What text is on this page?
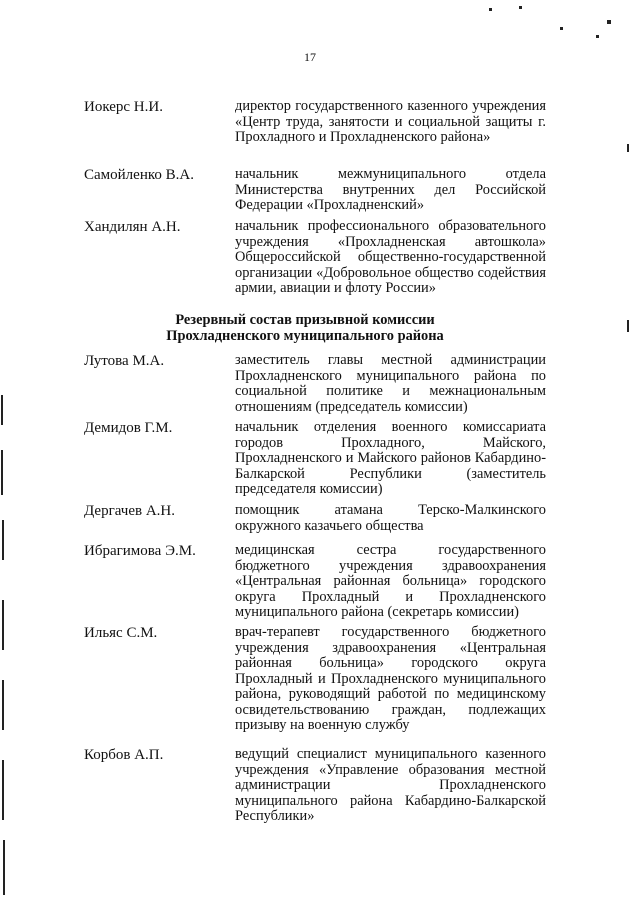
17
Иокерс Н.И.	директор государственного казенного учреждения «Центр труда, занятости и социальной защиты г. Прохладного и Прохладненского района»
Самойленко В.А.	начальник межмуниципального отдела Министерства внутренних дел Российской Федерации «Прохладненский»
Хандилян А.Н.	начальник профессионального образовательного учреждения «Прохладненская автошкола» Общероссийской общественно-государственной организации «Добровольное общество содействия армии, авиации и флоту России»
Резервный состав призывной комиссии
Прохладненского муниципального района
Лутова М.А.	заместитель главы местной администрации Прохладненского муниципального района по социальной политике и межнациональным отношениям (председатель комиссии)
Демидов Г.М.	начальник отделения военного комиссариата городов Прохладного, Майского, Прохладненского и Майского районов Кабардино-Балкарской Республики (заместитель председателя комиссии)
Дергачев А.Н.	помощник атамана Терско-Малкинского окружного казачьего общества
Ибрагимова Э.М.	медицинская сестра государственного бюджетного учреждения здравоохранения «Центральная районная больница» городского округа Прохладный и Прохладненского муниципального района (секретарь комиссии)
Ильяс С.М.	врач-терапевт государственного бюджетного учреждения здравоохранения «Центральная районная больница» городского округа Прохладный и Прохладненского муниципального района, руководящий работой по медицинскому освидетельствованию граждан, подлежащих призыву на военную службу
Корбов А.П.	ведущий специалист муниципального казенного учреждения «Управление образования местной администрации Прохладненского муниципального района Кабардино-Балкарской Республики»
